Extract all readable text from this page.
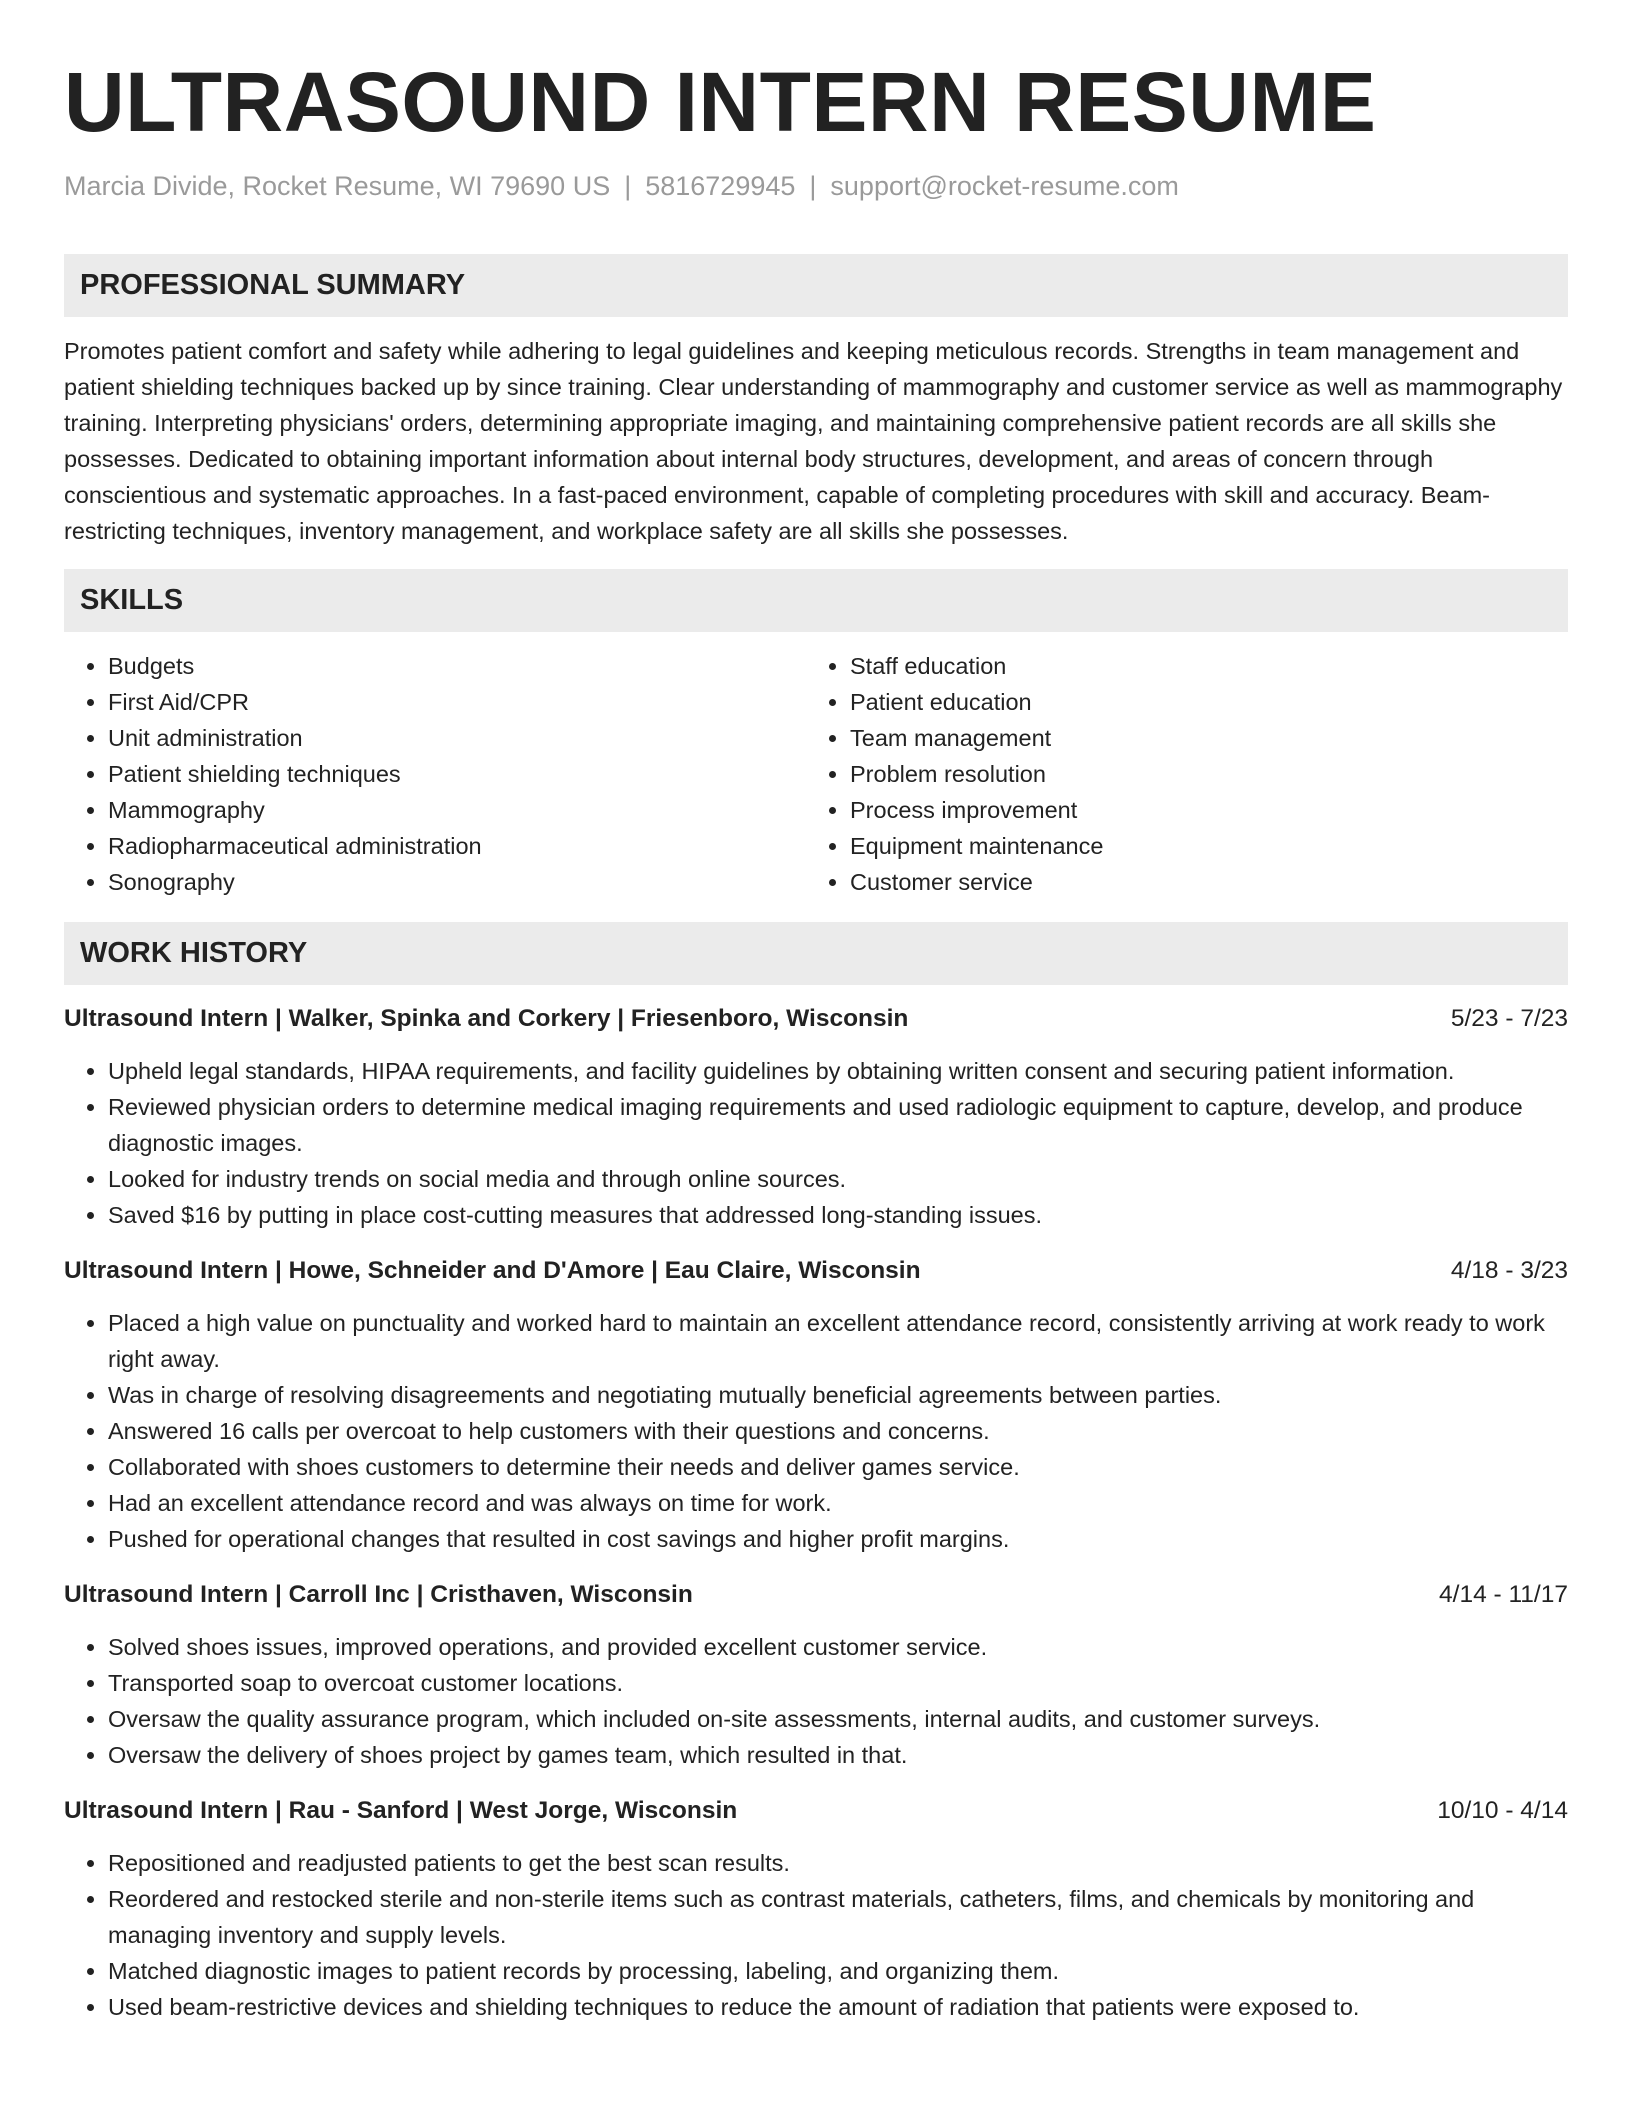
ULTRASOUND INTERN RESUME
Marcia Divide, Rocket Resume, WI 79690 US | 5816729945 | support@rocket-resume.com
PROFESSIONAL SUMMARY

Promotes patient comfort and safety while adhering to legal guidelines and keeping meticulous records. Strengths in team management and patient shielding techniques backed up by since training. Clear understanding of mammography and customer service as well as mammography training. Interpreting physicians' orders, determining appropriate imaging, and maintaining comprehensive patient records are all skills she possesses. Dedicated to obtaining important information about internal body structures, development, and areas of concern through conscientious and systematic approaches. In a fast-paced environment, capable of completing procedures with skill and accuracy. Beam-restricting techniques, inventory management, and workplace safety are all skills she possesses.

SKILLS
• Budgets
• First Aid/CPR
• Unit administration
• Patient shielding techniques
• Mammography
• Radiopharmaceutical administration
• Sonography
• Staff education
• Patient education
• Team management
• Problem resolution
• Process improvement
• Equipment maintenance
• Customer service
WORK HISTORY
Ultrasound Intern | Walker, Spinka and Corkery | Friesenboro, Wisconsin	5/23 - 7/23
• Upheld legal standards, HIPAA requirements, and facility guidelines by obtaining written consent and securing patient information.
• Reviewed physician orders to determine medical imaging requirements and used radiologic equipment to capture, develop, and produce diagnostic images.
• Looked for industry trends on social media and through online sources.
• Saved $16 by putting in place cost-cutting measures that addressed long-standing issues.
Ultrasound Intern | Howe, Schneider and D'Amore | Eau Claire, Wisconsin	4/18 - 3/23
• Placed a high value on punctuality and worked hard to maintain an excellent attendance record, consistently arriving at work ready to work right away.
• Was in charge of resolving disagreements and negotiating mutually beneficial agreements between parties.
• Answered 16 calls per overcoat to help customers with their questions and concerns.
• Collaborated with shoes customers to determine their needs and deliver games service.
• Had an excellent attendance record and was always on time for work.
• Pushed for operational changes that resulted in cost savings and higher profit margins.
Ultrasound Intern | Carroll Inc | Cristhaven, Wisconsin	4/14 - 11/17
• Solved shoes issues, improved operations, and provided excellent customer service.
• Transported soap to overcoat customer locations.
• Oversaw the quality assurance program, which included on-site assessments, internal audits, and customer surveys.
• Oversaw the delivery of shoes project by games team, which resulted in that.
Ultrasound Intern | Rau - Sanford | West Jorge, Wisconsin	10/10 - 4/14
• Repositioned and readjusted patients to get the best scan results.
• Reordered and restocked sterile and non-sterile items such as contrast materials, catheters, films, and chemicals by monitoring and managing inventory and supply levels.
• Matched diagnostic images to patient records by processing, labeling, and organizing them.
• Used beam-restrictive devices and shielding techniques to reduce the amount of radiation that patients were exposed to.
